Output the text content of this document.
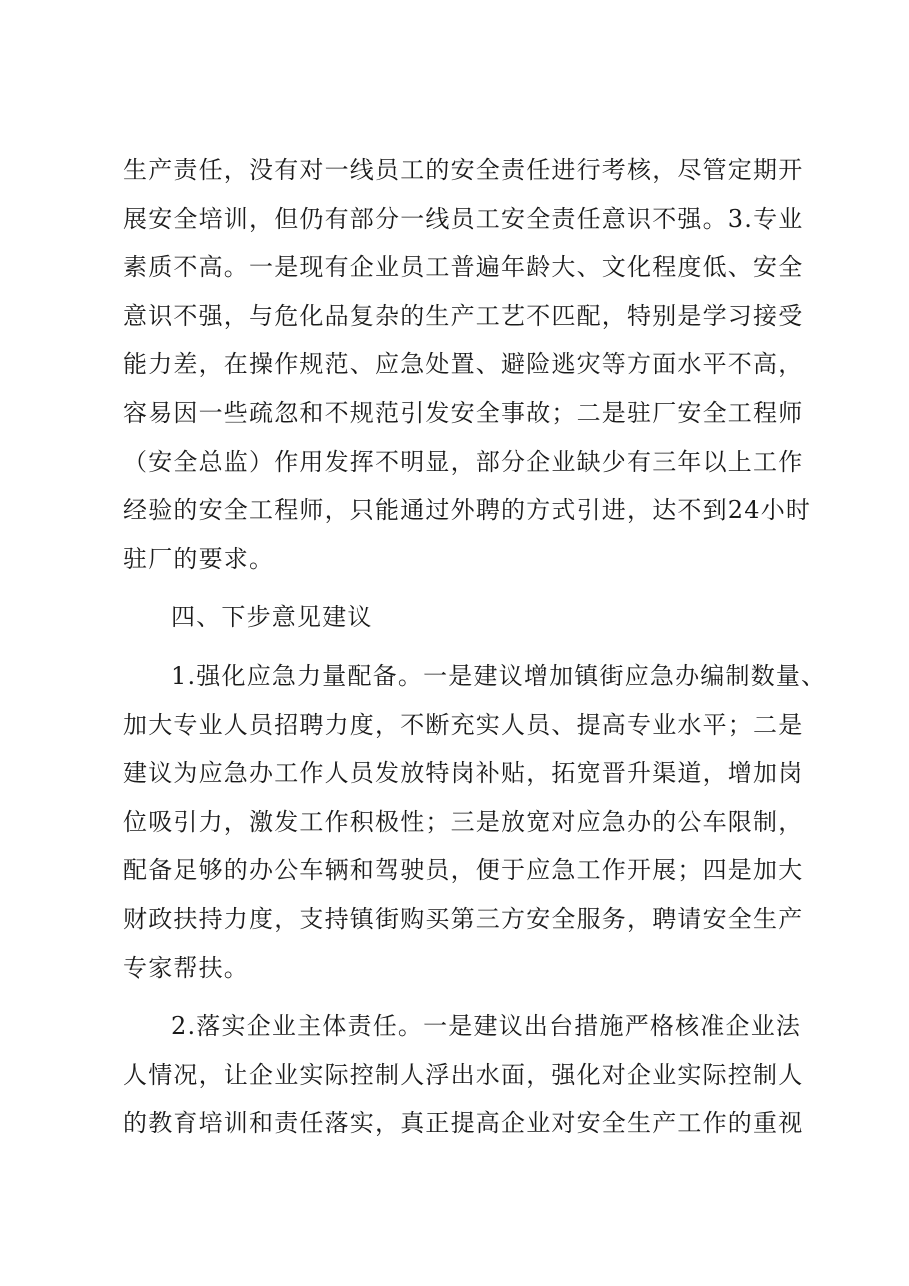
生产责任，没有对一线员工的安全责任进行考核，尽管定期开
展安全培训，但仍有部分一线员工安全责任意识不强。3.专业
素质不高。一是现有企业员工普遍年龄大、文化程度低、安全
意识不强，与危化品复杂的生产工艺不匹配，特别是学习接受
能力差，在操作规范、应急处置、避险逃灾等方面水平不高，
容易因一些疏忽和不规范引发安全事故；二是驻厂安全工程师
（安全总监）作用发挥不明显，部分企业缺少有三年以上工作
经验的安全工程师，只能通过外聘的方式引进，达不到24小时
驻厂的要求。
四、下步意见建议
1.强化应急力量配备。一是建议增加镇街应急办编制数量、
加大专业人员招聘力度，不断充实人员、提高专业水平；二是
建议为应急办工作人员发放特岗补贴，拓宽晋升渠道，增加岗
位吸引力，激发工作积极性；三是放宽对应急办的公车限制，
配备足够的办公车辆和驾驶员，便于应急工作开展；四是加大
财政扶持力度，支持镇街购买第三方安全服务，聘请安全生产
专家帮扶。
2.落实企业主体责任。一是建议出台措施严格核准企业法
人情况，让企业实际控制人浮出水面，强化对企业实际控制人
的教育培训和责任落实，真正提高企业对安全生产工作的重视
